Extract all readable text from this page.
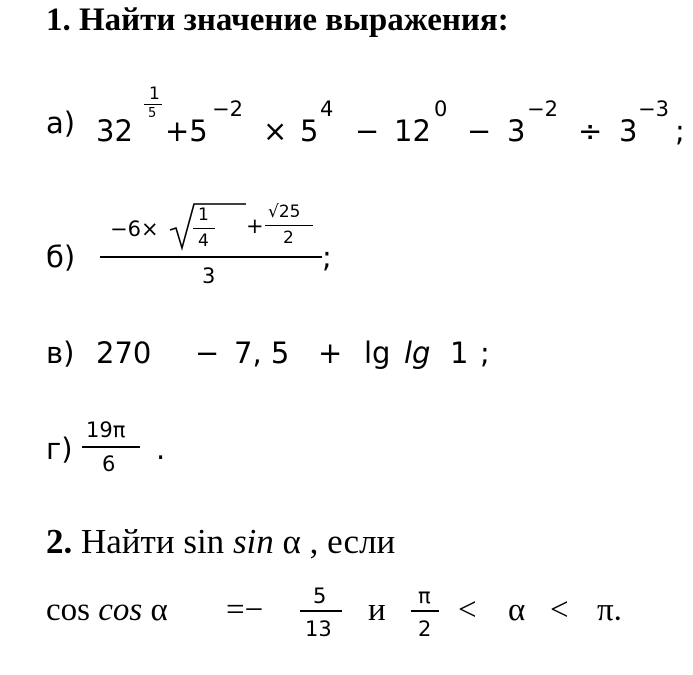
1. Найти значение выражения:
а) 32
1
5
+5
−2
× 5
4
− 12
0
− 3
−2
÷ 3
−3
;
б)
−6×
1
4
+
√25
2
3
;
в) 270 − 7, 5 + lg lg 1 ;
г)
19π
6 .
2. Найти sin sin α , если
cos cos α =− 5
13
и π
2
< α < π.
